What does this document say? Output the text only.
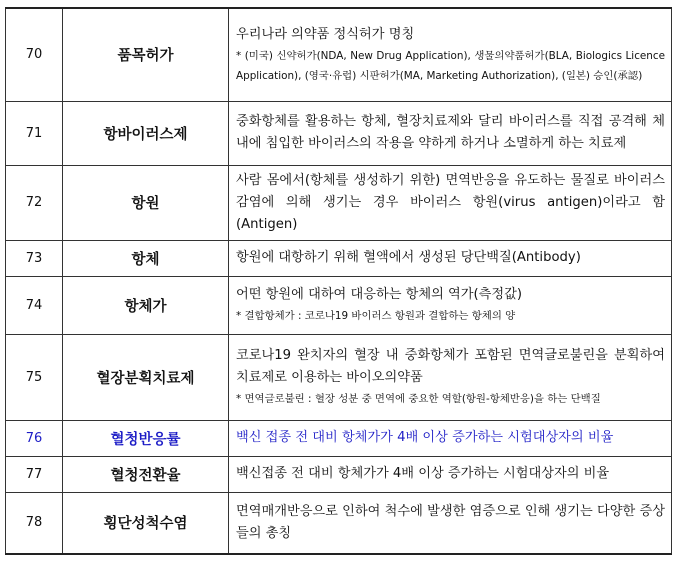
70	품목허가	우리나라 의약품 정식허가 명칭
* (미국) 신약허가(NDA, New Drug Application), 생물의약품허가(BLA, Biologics Licence Application), (영국·유럽) 시판허가(MA, Marketing Authorization), (일본) 승인(承認)

71	항바이러스제	중화항체를 활용하는 항체, 혈장치료제와 달리 바이러스를 직접 공격해 체내에 침입한 바이러스의 작용을 약하게 하거나 소멸하게 하는 치료제

72	항원	사람 몸에서(항체를 생성하기 위한) 면역반응을 유도하는 물질로 바이러스 감염에 의해 생기는 경우 바이러스 항원(virus antigen)이라고 함(Antigen)

73	항체	항원에 대항하기 위해 혈액에서 생성된 당단백질(Antibody)

74	항체가	어떤 항원에 대하여 대응하는 항체의 역가(측정값)
* 결합항체가 : 코로나19 바이러스 항원과 결합하는 항체의 양

75	혈장분획치료제	코로나19 완치자의 혈장 내 중화항체가 포함된 면역글로불린을 분획하여 치료제로 이용하는 바이오의약품
* 면역글로불린 : 혈장 성분 중 면역에 중요한 역할(항원-항체반응)을 하는 단백질

76	혈청반응률	백신 접종 전 대비 항체가가 4배 이상 증가하는 시험대상자의 비율

77	혈청전환율	백신접종 전 대비 항체가가 4배 이상 증가하는 시험대상자의 비율

78	횡단성척수염	면역매개반응으로 인하여 척수에 발생한 염증으로 인해 생기는 다양한 증상들의 총칭
